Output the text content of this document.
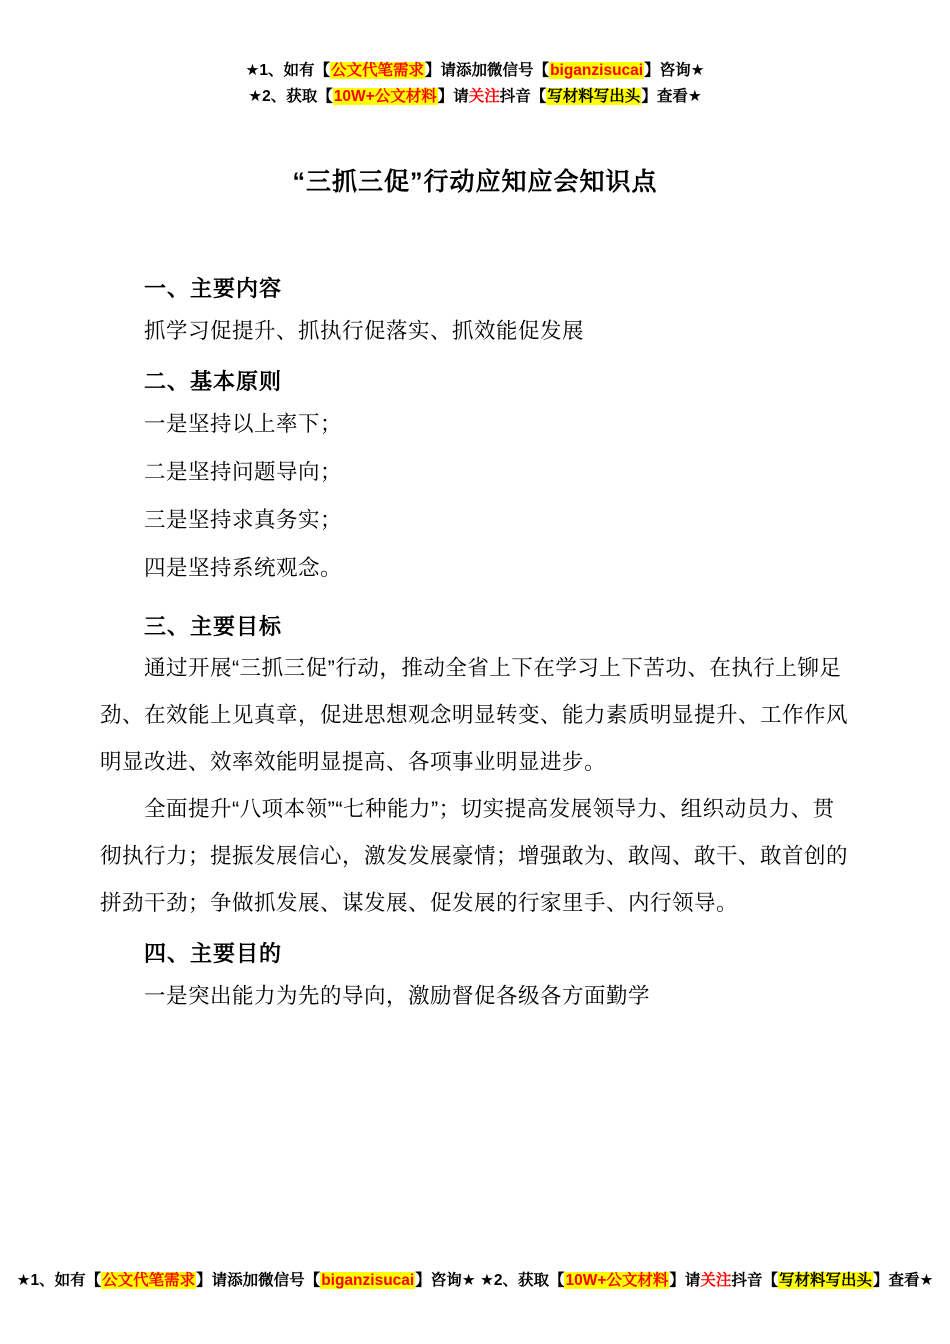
★1、如有【公文代笔需求】请添加微信号【biganzisucai】咨询★
★2、获取【10W+公文材料】请关注抖音【写材料写出头】查看★
“三抓三促”行动应知应会知识点
一、主要内容

抓学习促提升、抓执行促落实、抓效能促发展

二、基本原则

一是坚持以上率下；

二是坚持问题导向；

三是坚持求真务实；

四是坚持系统观念。

三、主要目标

通过开展“三抓三促”行动，推动全省上下在学习上下苦功、在执行上铆足劲、在效能上见真章，促进思想观念明显转变、能力素质明显提升、工作作风明显改进、效率效能明显提高、各项事业明显进步。

全面提升“八项本领”“七种能力”；切实提高发展领导力、组织动员力、贯彻执行力；提振发展信心，激发发展豪情；增强敢为、敢闯、敢干、敢首创的拼劲干劲；争做抓发展、谋发展、促发展的行家里手、内行领导。

四、主要目的

一是突出能力为先的导向，激励督促各级各方面勤学

★1、如有【公文代笔需求】请添加微信号【biganzisucai】咨询★ ★2、获取【10W+公文材料】请关注抖音【写材料写出头】查看★
